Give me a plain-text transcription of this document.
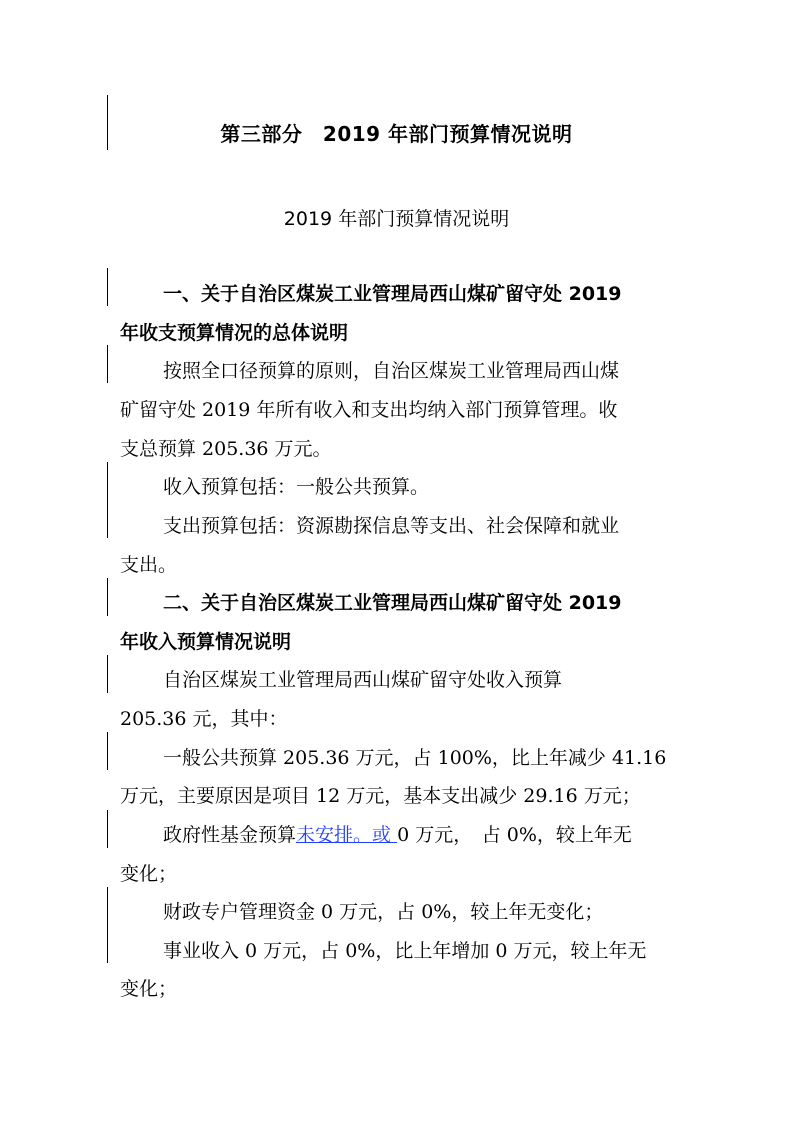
第三部分　2019 年部门预算情况说明
2019 年部门预算情况说明
一、关于自治区煤炭工业管理局西山煤矿留守处 2019
年收支预算情况的总体说明
按照全口径预算的原则，自治区煤炭工业管理局西山煤
矿留守处 2019 年所有收入和支出均纳入部门预算管理。收
支总预算 205.36 万元。
收入预算包括：一般公共预算。
支出预算包括：资源勘探信息等支出、社会保障和就业
支出。
二、关于自治区煤炭工业管理局西山煤矿留守处 2019
年收入预算情况说明
自治区煤炭工业管理局西山煤矿留守处收入预算
205.36 元，其中：
一般公共预算 205.36 万元，占 100%，比上年减少 41.16
万元，主要原因是项目 12 万元，基本支出减少 29.16 万元；
政府性基金预算未安排。或 0 万元，　占 0%，较上年无
变化；
财政专户管理资金 0 万元，占 0%，较上年无变化；
事业收入 0 万元，占 0%，比上年增加 0 万元，较上年无
变化；
